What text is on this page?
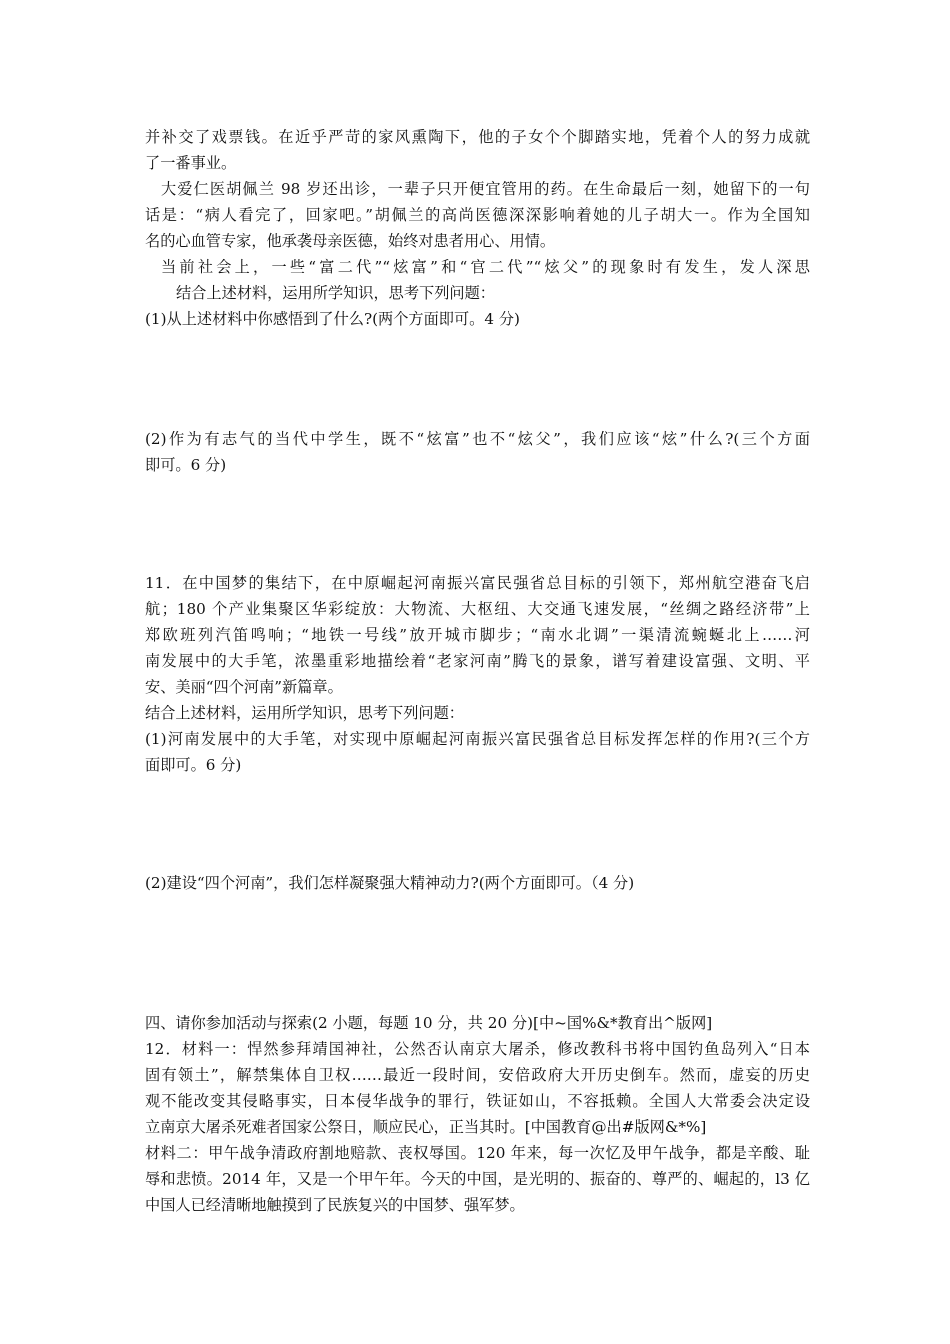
并补交了戏票钱。在近乎严苛的家风熏陶下，他的子女个个脚踏实地，凭着个人的努力成就
了一番事业。
大爱仁医胡佩兰 98 岁还出诊，一辈子只开便宜管用的药。在生命最后一刻，她留下的一句
话是：“病人看完了，回家吧。”胡佩兰的高尚医德深深影响着她的儿子胡大一。作为全国知
名的心血管专家，他承袭母亲医德，始终对患者用心、用情。
当前社会上，一些“富二代”“炫富”和“官二代”“炫父”的现象时有发生，发人深思
结合上述材料，运用所学知识，思考下列问题：
(1)从上述材料中你感悟到了什么?(两个方面即可。4 分)
(2)作为有志气的当代中学生，既不“炫富”也不“炫父”，我们应该“炫”什么?(三个方面
即可。6 分)
11．在中国梦的集结下，在中原崛起河南振兴富民强省总目标的引领下，郑州航空港奋飞启
航；180 个产业集聚区华彩绽放：大物流、大枢纽、大交通飞速发展，“丝绸之路经济带”上
郑欧班列汽笛鸣响；“地铁一号线”放开城市脚步；“南水北调”一渠清流蜿蜒北上……河
南发展中的大手笔，浓墨重彩地描绘着“老家河南”腾飞的景象，谱写着建设富强、文明、平
安、美丽“四个河南”新篇章。
结合上述材料，运用所学知识，思考下列问题：
(1)河南发展中的大手笔，对实现中原崛起河南振兴富民强省总目标发挥怎样的作用?(三个方
面即可。6 分)
(2)建设“四个河南”，我们怎样凝聚强大精神动力?(两个方面即可。（4 分)
四、请你参加活动与探索(2 小题，每题 10 分，共 20 分)[中~国%&*教育出^版网]
12．材料一：悍然参拜靖国神社，公然否认南京大屠杀，修改教科书将中国钓鱼岛列入“日本
固有领土”，解禁集体自卫权……最近一段时间，安倍政府大开历史倒车。然而，虚妄的历史
观不能改变其侵略事实，日本侵华战争的罪行，铁证如山，不容抵赖。全国人大常委会决定设
立南京大屠杀死难者国家公祭日，顺应民心，正当其时。[中国教育@出#版网&*%]
材料二：甲午战争清政府割地赔款、丧权辱国。120 年来，每一次忆及甲午战争，都是辛酸、耻
辱和悲愤。2014 年，又是一个甲午年。今天的中国，是光明的、振奋的、尊严的、崛起的，l3 亿
中国人已经清晰地触摸到了民族复兴的中国梦、强军梦。
